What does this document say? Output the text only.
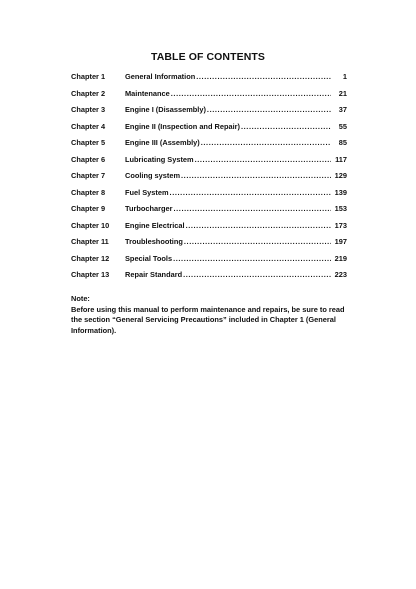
TABLE OF CONTENTS
Chapter 1	General Information .....	1
Chapter 2	Maintenance .....	21
Chapter 3	Engine I (Disassembly) .....	37
Chapter 4	Engine II (Inspection and Repair) .....	55
Chapter 5	Engine III (Assembly) .....	85
Chapter 6	Lubricating System .....	117
Chapter 7	Cooling system .....	129
Chapter 8	Fuel System .....	139
Chapter 9	Turbocharger .....	153
Chapter 10	Engine Electrical .....	173
Chapter 11	Troubleshooting .....	197
Chapter 12	Special Tools .....	219
Chapter 13	Repair Standard .....	223
Note:
Before using this manual to perform maintenance and repairs, be sure to read the section “General Servicing Precautions” included in Chapter 1 (General Information).
